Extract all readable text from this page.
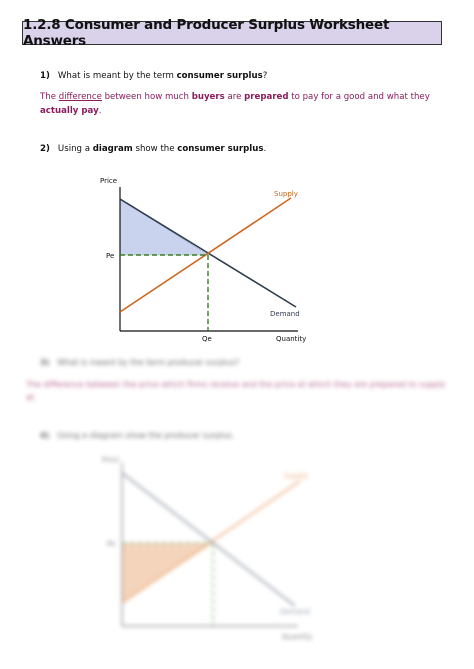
1.2.8 Consumer and Producer Surplus Worksheet Answers
1) What is meant by the term consumer surplus?
The difference between how much buyers are prepared to pay for a good and what they actually pay.
2) Using a diagram show the consumer surplus.
Price
Supply
Demand
Pe
Qe	Quantity
3) What is meant by the term producer surplus?
The difference between the price which firms receive and the price at which they are prepared to supply at.
4) Using a diagram show the producer surplus.
Price
Supply
Demand
Pe
Quantity
